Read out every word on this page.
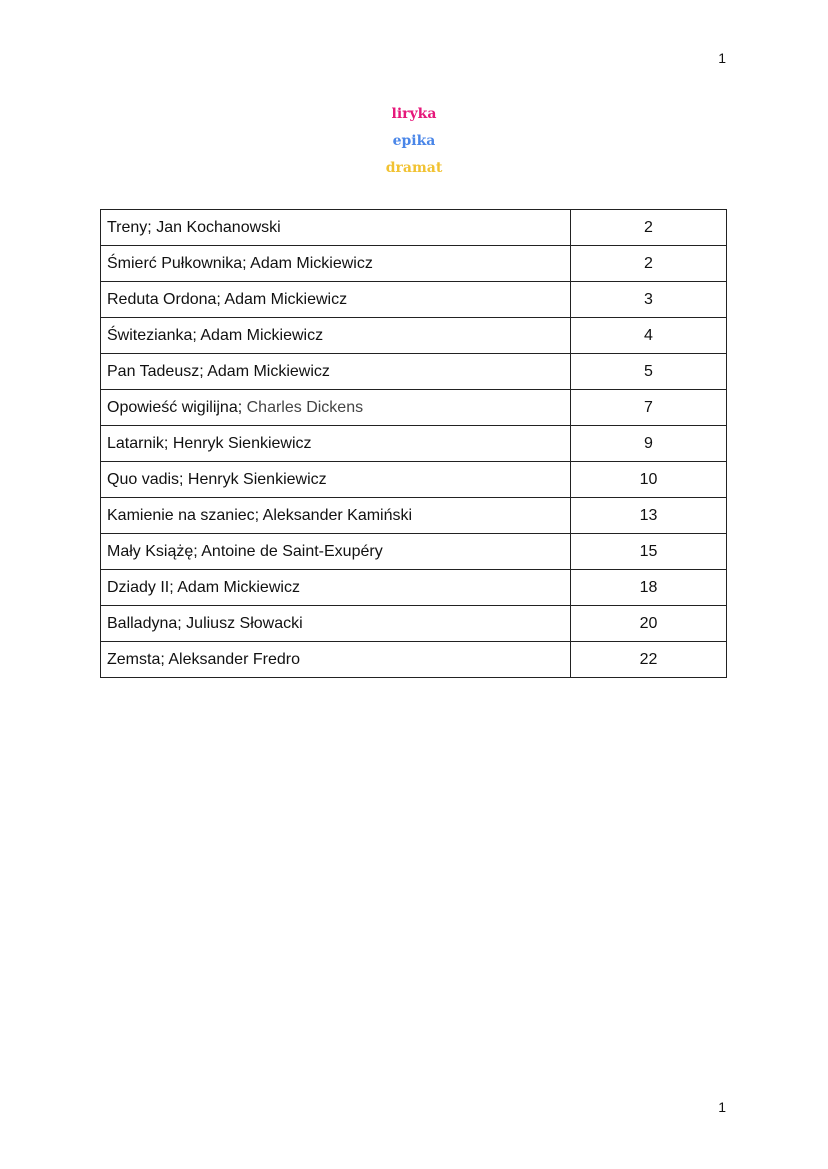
1
liryka
epika
dramat
Treny; Jan Kochanowski	2
Śmierć Pułkownika; Adam Mickiewicz	2
Reduta Ordona; Adam Mickiewicz	3
Świtezianka; Adam Mickiewicz	4
Pan Tadeusz; Adam Mickiewicz	5
Opowieść wigilijna; Charles Dickens	7
Latarnik; Henryk Sienkiewicz	9
Quo vadis; Henryk Sienkiewicz	10
Kamienie na szaniec; Aleksander Kamiński	13
Mały Książę; Antoine de Saint-Exupéry	15
Dziady II; Adam Mickiewicz	18
Balladyna; Juliusz Słowacki	20
Zemsta; Aleksander Fredro	22
1
